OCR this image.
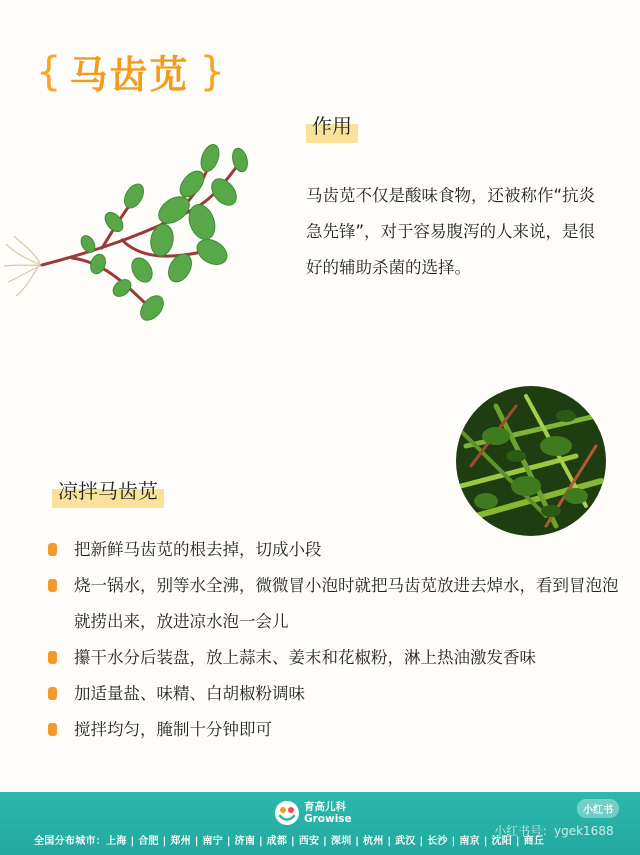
{ 马齿苋 }
作用
马齿苋不仅是酸味食物，还被称作“抗炎急先锋”，对于容易腹泻的人来说，是很好的辅助杀菌的选择。
凉拌马齿苋
把新鲜马齿苋的根去掉，切成小段
烧一锅水，别等水全沸，微微冒小泡时就把马齿苋放进去焯水，看到冒泡泡就捞出来，放进凉水泡一会儿
攥干水分后装盘，放上蒜末、姜末和花椒粉，淋上热油激发香味
加适量盐、味精、白胡椒粉调味
搅拌均匀，腌制十分钟即可
育高儿科
Growise
小红书
小红书号：ygek1688
全国分布城市：上海 | 合肥 | 郑州 | 南宁 | 济南 | 成都 | 西安 | 深圳 | 杭州 | 武汉 | 长沙 | 南京 | 沈阳 | 商丘
